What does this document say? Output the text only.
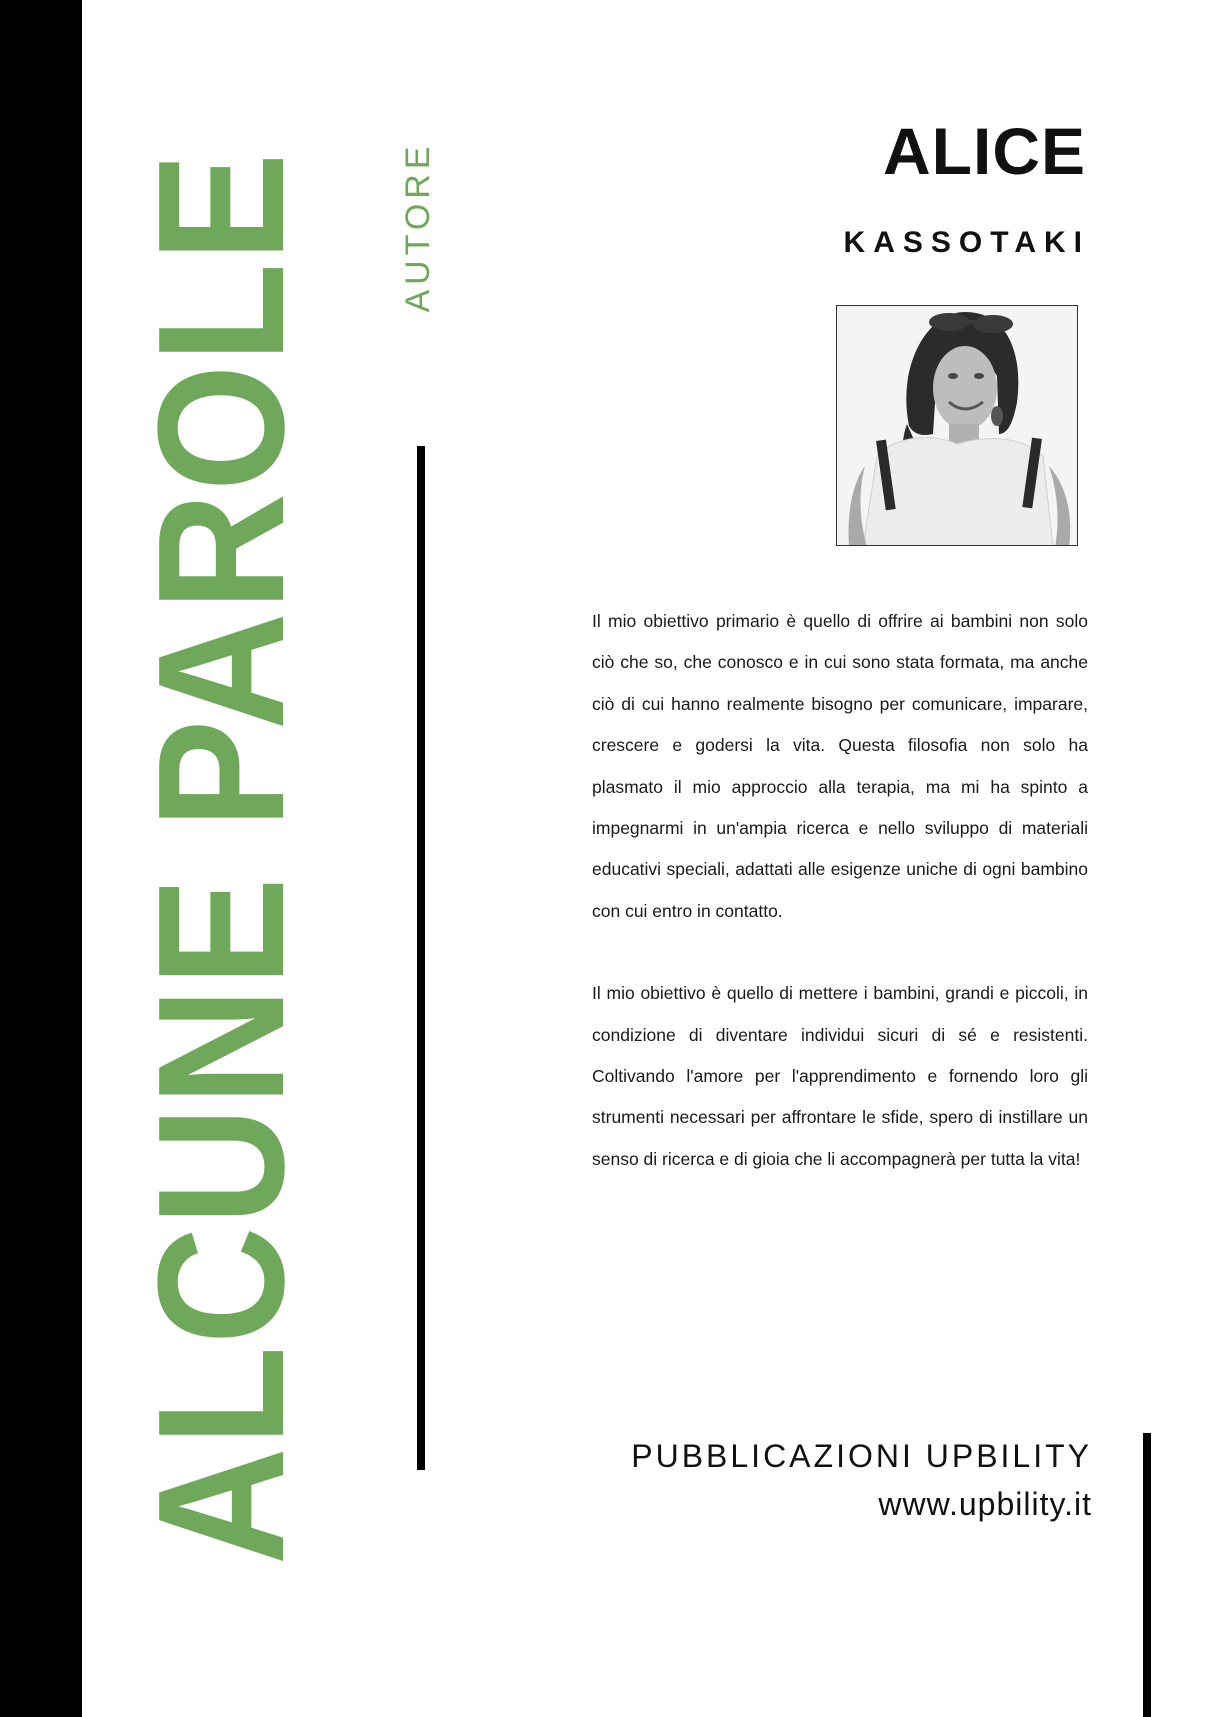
ALCUNE PAROLE AUTORE	ALICE
KASSOTAKI

Il mio obiettivo primario è quello di offrire ai bambini non solo ciò che so, che conosco e in cui sono stata formata, ma anche ciò di cui hanno realmente bisogno per comunicare, imparare, crescere e godersi la vita. Questa filosofia non solo ha plasmato il mio approccio alla terapia, ma mi ha spinto a impegnarmi in un'ampia ricerca e nello sviluppo di materiali educativi speciali, adattati alle esigenze uniche di ogni bambino con cui entro in contatto.

Il mio obiettivo è quello di mettere i bambini, grandi e piccoli, in condizione di diventare individui sicuri di sé e resistenti. Coltivando l'amore per l'apprendimento e fornendo loro gli strumenti necessari per affrontare le sfide, spero di instillare un senso di ricerca e di gioia che li accompagnerà per tutta la vita!

PUBBLICAZIONI UPBILITY
www.upbility.it
